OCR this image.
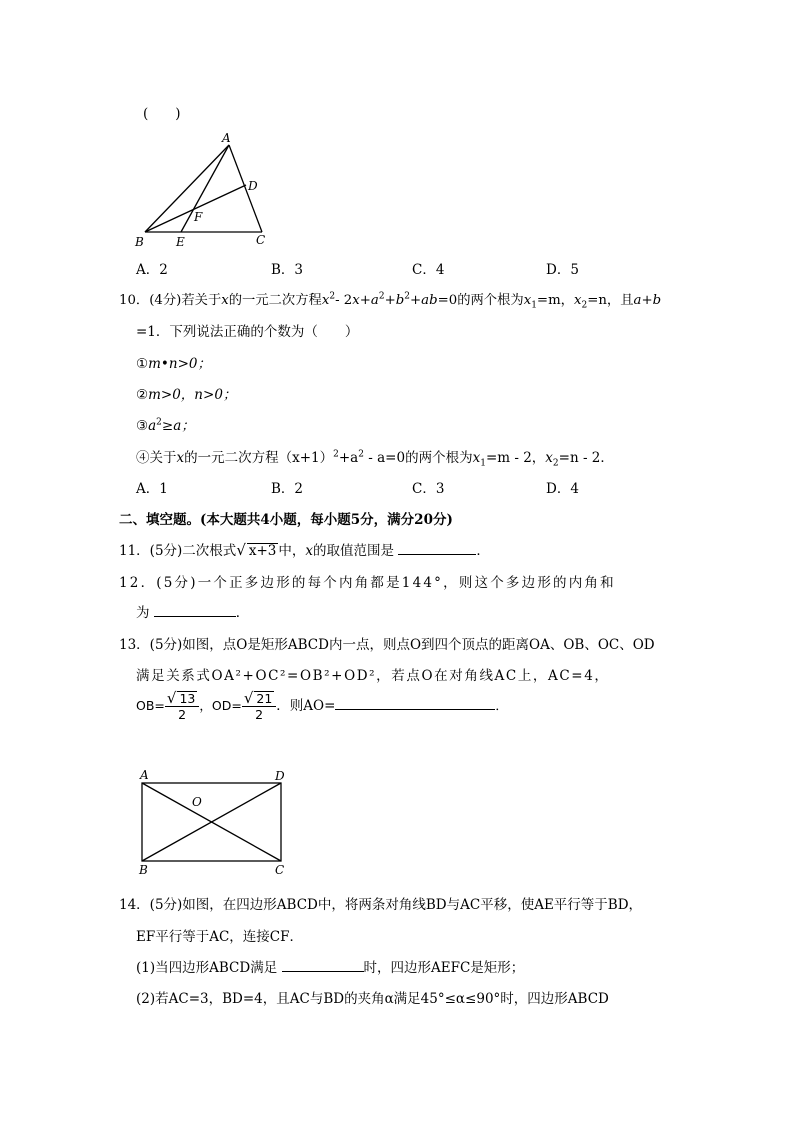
(　　)
A
B	C
D
E
F
A．2	B．3	C．4	D．5
10．(4分)若关于x的一元二次方程$x^2-$ $2x+a^2+b^2+ab=0$的两个根为$x_1=m$，$x_2=n$，且a+b
=1．下列说法正确的个数为（　　）
①m•n>0；
②m>0，n>0；
$③a^2\ge a$；
④关于x的一元二次方程$(x+1)^2+a^2 - a=0$的两个根为$x_1=m - 2$，$x_2=n - 2$．
A．1	B．2	C．3	D．4
二、填空题。(本大题共4小题，每小题5分，满分20分)
11．(5分)二次根式√ x+3 中，x的取值范围是	．
12．(5分)一个正多边形的每个内角都是144°，则这个多边形的内角和
为	．
13．(5分)如图，点O是矩形ABCD内一点，则点O到四个顶点的距离OA、OB、OC、OD
满足关系式OA²+OC²=OB²+OD²，若点O在对角线AC上，AC=4，
$OB= \frac{√ 13}{2}$ ，$OD= \frac{√ 21}{2}$ ．则AO=	．
A	D
B	C
O
14．(5分)如图，在四边形ABCD中，将两条对角线BD与AC平移，使AE平行等于BD，
EF平行等于AC，连接CF．
(1)当四边形ABCD满足	时，四边形AEFC是矩形；
(2)若AC=3，BD=4，且AC与BD的夹角α满足45°≤α≤90°时，四边形ABCD
